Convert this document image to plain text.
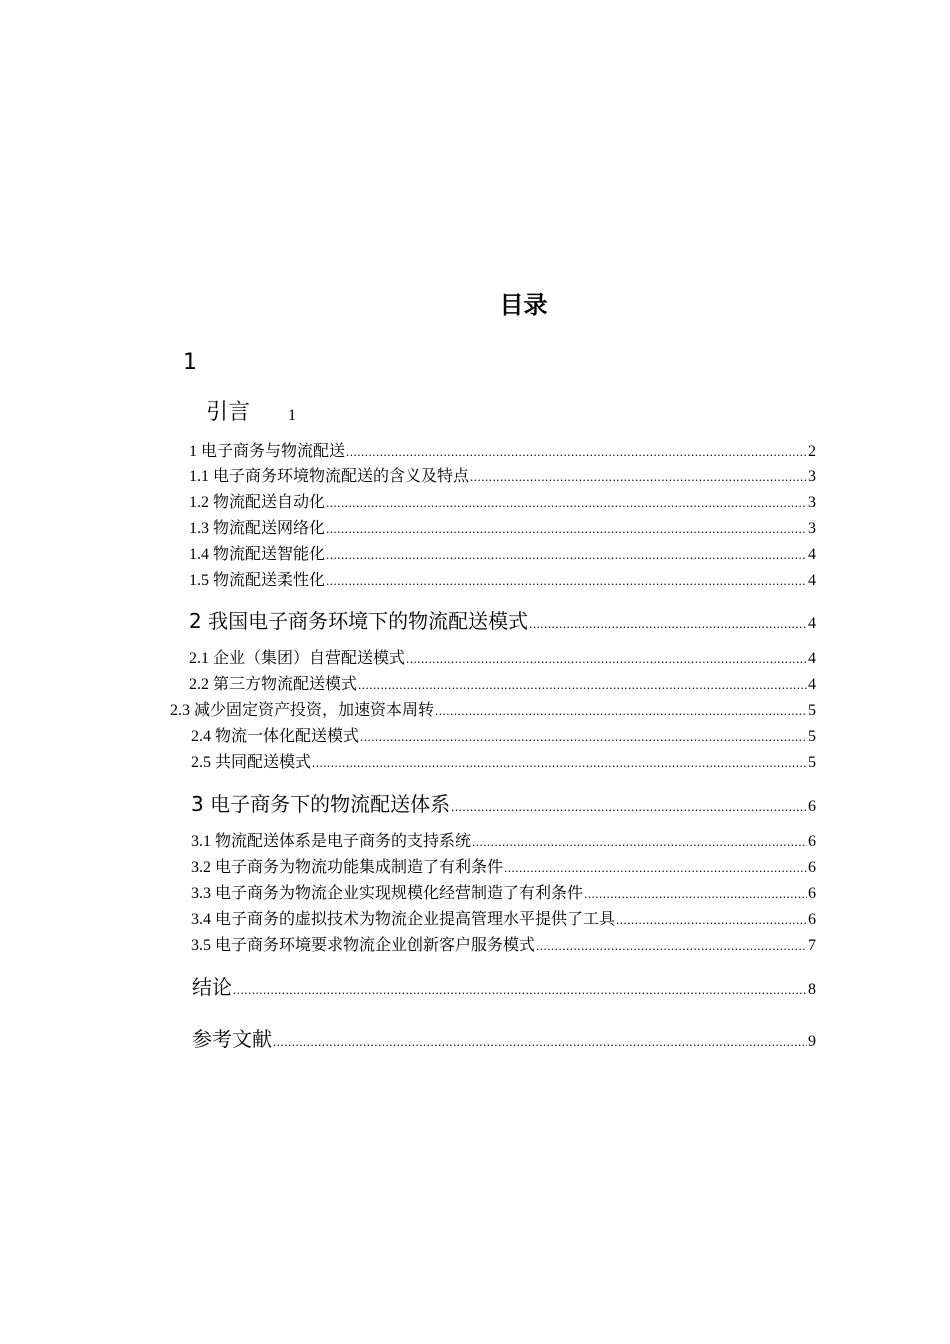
目录
1
引言 1
1 电子商务与物流配送 .....	2
1.1 电子商务环境物流配送的含义及特点 .....	3
1.2 物流配送自动化 .....	3
1.3 物流配送网络化 .....	3
1.4 物流配送智能化 .....	4
1.5 物流配送柔性化 .....	4
2 我国电子商务环境下的物流配送模式 .....	4
2.1 企业（集团）自营配送模式 .....	4
2.2 第三方物流配送模式 .....	4
2.3 减少固定资产投资，加速资本周转 .....	5
2.4 物流一体化配送模式 .....	5
2.5 共同配送模式 .....	5
3 电子商务下的物流配送体系 .....	6
3.1 物流配送体系是电子商务的支持系统 .....	6
3.2 电子商务为物流功能集成制造了有利条件 .....	6
3.3 电子商务为物流企业实现规模化经营制造了有利条件 .....	6
3.4 电子商务的虚拟技术为物流企业提高管理水平提供了工具 .....	6
3.5 电子商务环境要求物流企业创新客户服务模式 .....	7
结论 .....	8
参考文献 .....	9
